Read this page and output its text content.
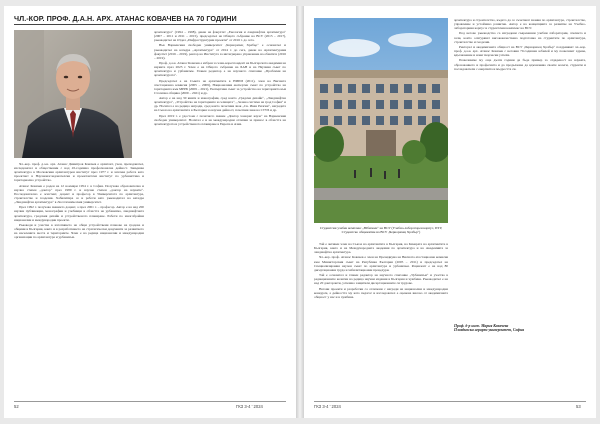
ЧЛ.-КОР. ПРОФ. Д.А.Н. АРХ. АТАНАС КОВАЧЕВ НА 70 ГОДИНИ

Чл.-кор. проф. д.а.н. арх. Атанас Димитров Ковачев е архитект, учен, преподавател, изследовател и общественик с над 45-годишна професионална дейност. Завършва архитектура в Московския архитектурен институт през 1977 г. и започва работа като проектант в Научноизследователски и проектантски институт по урбанистика и териториално устройство.

Атанас Ковачев е роден на 12 ноември 1954 г. в София. Получава образователна и научна степен „доктор“ през 1989 г. и научна степен „доктор на науките“. Последователно е асистент, доцент и професор в Университета по архитектура, строителство и геодезия. Хабилитира се и работи като ръководител на катедра „Ландшафтна архитектура“ в Лесотехническия университет.

През 1992 г. получава званието доцент, а през 2001 г. – професор. Автор е на над 200 научни публикации, монографии и учебници в областта на урбанизма, ландшафтната архитектура, градския дизайн и устройственото планиране. Работи по многобройни национални и международни проекти.

Ръководи и участва в изготвянето на общи устройствени планове на градове и общини в България, както и в разработването на стратегически документи за развитието на населените места и териториите. Член е на редица национални и международни организации по архитектура и урбанизъм.

архитектура“ (1994 – 1998), декан на факултет „Екология и ландшафтна архитектура“ (2007 – 2011 и 2011 – 2015), председател на Общото събрание на ВСУ (2015 – 2017), ръководител на Отдел „Инфраструктурни проекти“ от 2016 г. до сега.

Във Варненския свободен университет „Черноризец Храбър“ е основател и ръководител на катедра „Архитектура“ от 2014 г. до сега, декан на Архитектурния факултет (2016 – 2019), ректор на Института за интегрирано управление на обектите (2016 – 2019).

Проф. д.а.н. Атанас Ковачев е избран за член-кореспондент на Българската академия на науките през 2023 г. Член е на Общото събрание на БАН и на Научния съвет по архитектура и урбанизъм. Главен редактор е на научното списание „Проблеми на архитектурата“.

Председател е на Съвета на архитектите в НИПИ (2011), член на Висшата атестационна комисия (2005 – 2009), Националния експертен съвет по устройство на територията към МРРБ (2009 – 2021), Експертния съвет за устройство на територията към Столична община (2009 – 2021) и др.

Автор е на над 30 книги и монографии, сред които „Градски дизайн“, „Ландшафтна архитектура“, „Устройство на териториите и селищата“, „Зелена система на град София“ и др. Носител е на редица награди, сред които почетния знак „Св. Иван Рилски“, наградата на Съюза на архитектите в България за научна дейност, почетния знак на СТУБ и др.

През 2019 г. е удостоен с почетното звание „Доктор хонорис кауза“ на Варненския свободен университет. Носител е и на международни отличия за принос в областта на архитектурата и устройственото планиране в Европа и Азия.

52	ГКЗ 3-4 ' 2024
Студентски учебен комплекс „Юбилеен“ на ВСУ (Учебно-лабораторен корпус, ПТУ, Студентско общежитие на ВСУ „Черноризец Храбър“)

Той е активен член на Съюза на архитектите в България, на Камарата на архитектите в България, както и на Международната академия по архитектура и на Академията за ландшафтна архитектура.

Чл.-кор. проф. Атанас Ковачев е член на Президиума на Висшата атестационна комисия към Министерския съвет на Република България (2005 – 2011) и председател на Специализирания научен съвет по архитектура и урбанизъм. Рецензент е на над 80 дисертационни труда и хабилитационни процедури.

Той е основател и главен редактор на научното списание „Урбанизъм“ и участва в редакционните колегии на редица научни издания в България и чужбина. Ръководител е на над 20 докторанти, успешно защитили дисертационните си трудове.

Негови проекти и разработки са отличени с награди на национални и международни конкурси, а дейността му като педагог и изследовател е оценена високо от академичната общност у нас и в чужбина.

архитектура и строителство, където да се съчетават знания по архитектура, строителство, управление и устойчиво развитие. Автор е на концепцията за развитие на Учебно-лабораторния корпус и студентския комплекс на ВСУ.

Под негово ръководство са изградени съвременни учебни лаборатории, ателиета и зали, които осигуряват висококачествена подготовка на студентите по архитектура, строителство и геодезия.

Ректорът и академичната общност на ВСУ „Черноризец Храбър“ поздравяват чл.-кор. проф. д.а.н. арх. Атанас Ковачев с неговия 70-годишен юбилей и му пожелават здраве, вдъхновение и нови творчески успехи.

Пожелаваме му още дълги години да бъде пример за отдаденост на науката, образованието и професията и да продължава да вдъхновява своите колеги, студенти и последователи с енергията и мъдростта си.

Проф. д-р инж. Мария Ковачева
Пловдивски аграрен университет, София
ГКЗ 3-4 ' 2024	53
